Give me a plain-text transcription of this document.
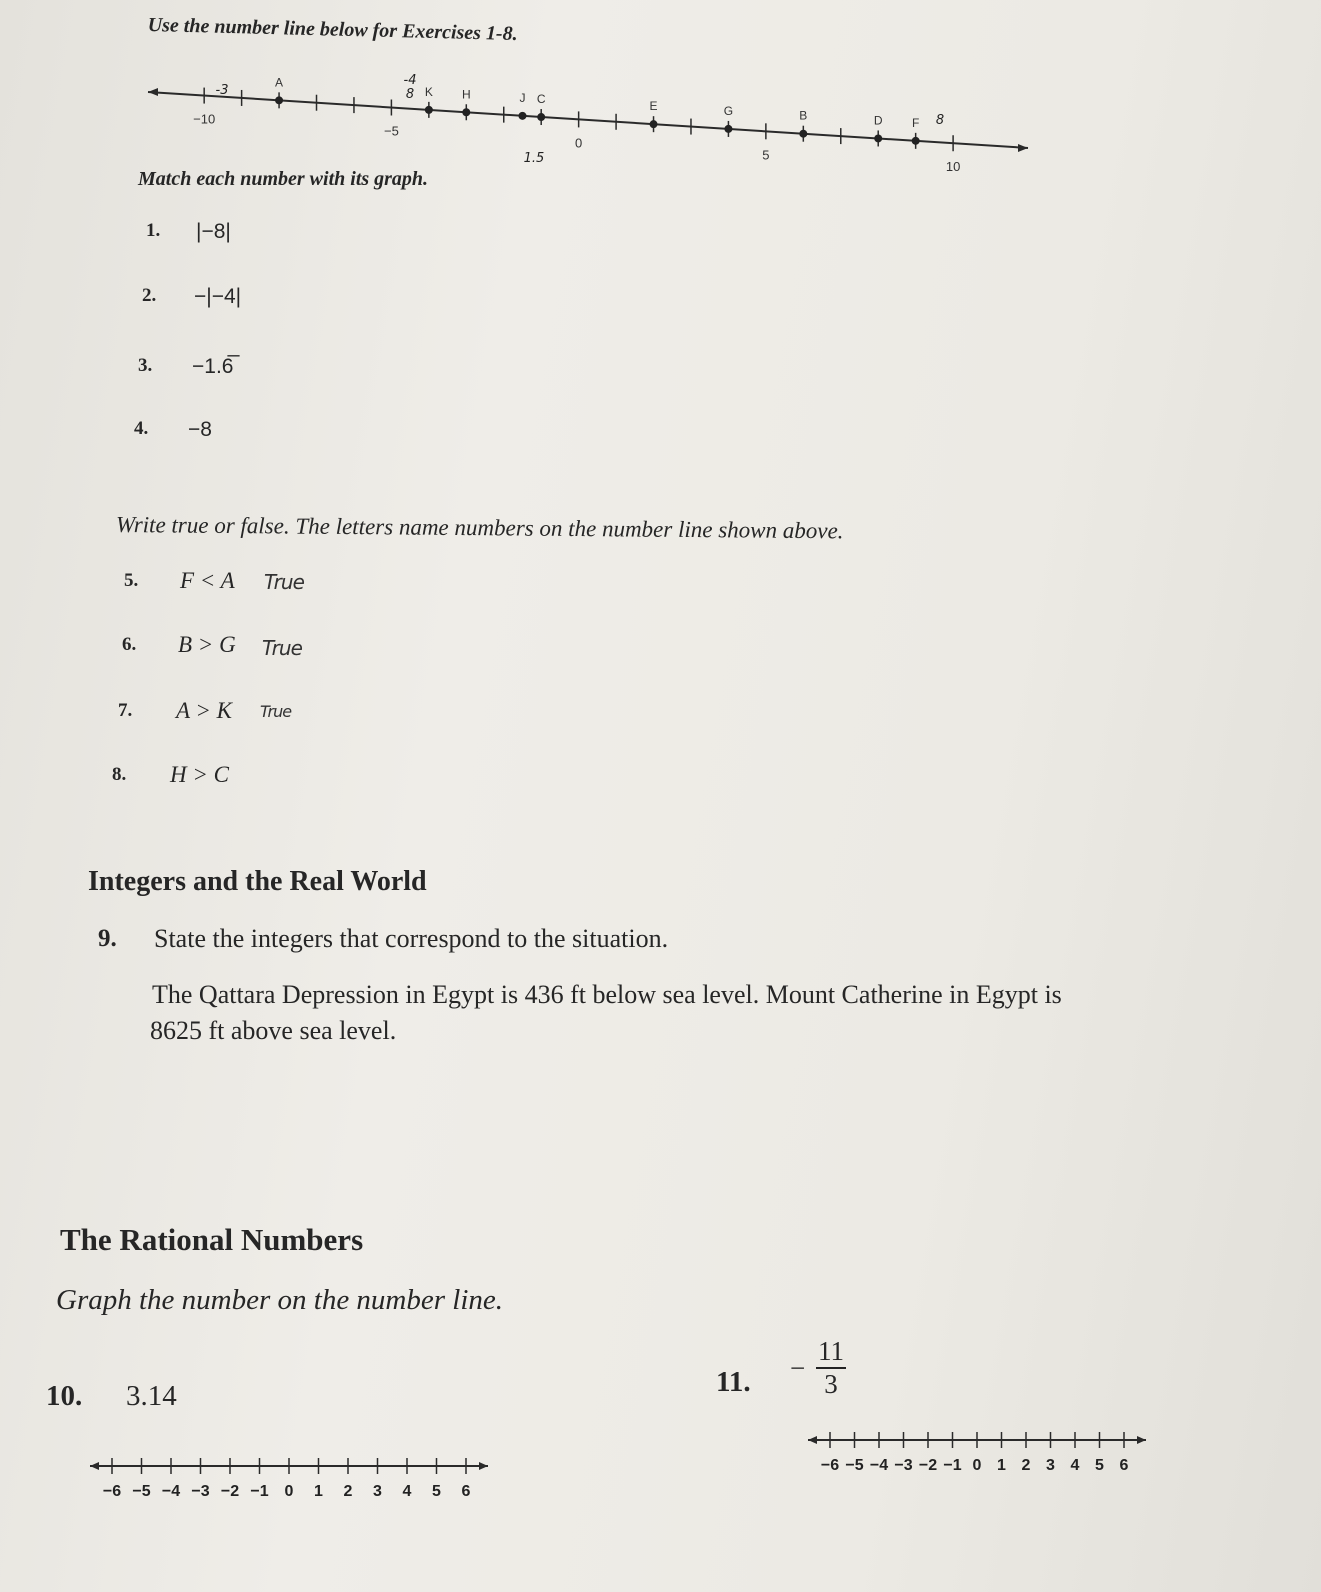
Use the number line below for Exercises 1-8.
−10
−5
0
5
10
A
K H	J C
E	G	B	D F
-3
-4
8
8
1.5
Match each number with its graph.
1. |−8|
2. −|−4|
3. −1.6̅
4. −8
Write true or false. The letters name numbers on the number line shown above.
5. F < A True
6. B > G True
7. A > K True
8. H > C
Integers and the Real World
9. State the integers that correspond to the situation.
The Qattara Depression in Egypt is 436 ft below sea level. Mount Catherine in Egypt is
8625 ft above sea level.
The Rational Numbers
Graph the number on the number line.
10. 3.14	11. − $\frac{11}{3}$
−6 −5 −4 −3 −2 −1 0 1 2 3 4 5 6
−6 −5 −4 −3 −2 −1 0 1 2 3 4 5 6
